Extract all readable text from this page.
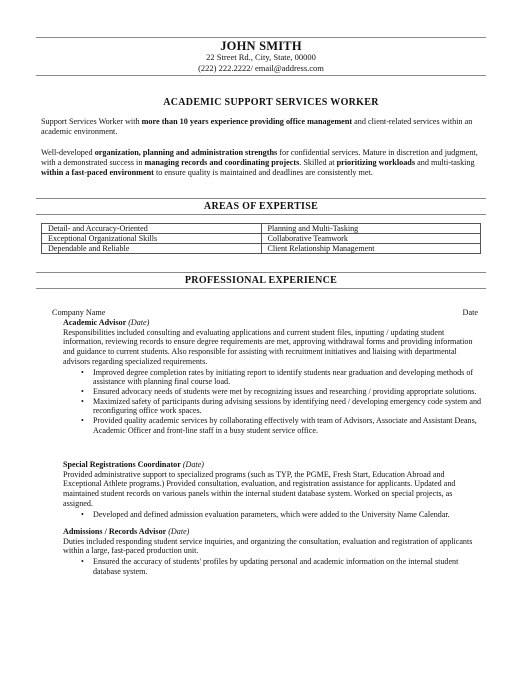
JOHN SMITH
22 Street Rd., City, State, 00000
(222) 222.2222/ email@address.com
ACADEMIC SUPPORT SERVICES WORKER
Support Services Worker with more than 10 years experience providing office management and client-related services within an academic environment.
Well-developed organization, planning and administration strengths for confidential services. Mature in discretion and judgment, with a demonstrated success in managing records and coordinating projects. Skilled at prioritizing workloads and multi-tasking within a fast-paced environment to ensure quality is maintained and deadlines are consistently met.
AREAS OF EXPERTISE
Detail- and Accuracy-Oriented	Planning and Multi-Tasking
Exceptional Organizational Skills	Collaborative Teamwork
Dependable and Reliable	Client Relationship Management
PROFESSIONAL EXPERIENCE
Company Name	Date
Academic Advisor (Date)
Responsibilities included consulting and evaluating applications and current student files, inputting / updating student information, reviewing records to ensure degree requirements are met, approving withdrawal forms and providing information and guidance to current students. Also responsible for assisting with recruitment initiatives and liaising with departmental advisors regarding specialized requirements.
• Improved degree completion rates by initiating report to identify students near graduation and developing methods of assistance with planning final course load.
• Ensured advocacy needs of students were met by recognizing issues and researching / providing appropriate solutions.
• Maximized safety of participants during advising sessions by identifying need / developing emergency code system and reconfiguring office work spaces.
• Provided quality academic services by collaborating effectively with team of Advisors, Associate and Assistant Deans, Academic Officer and front-line staff in a busy student service office.
Special Registrations Coordinator (Date)
Provided administrative support to specialized programs (such as TYP, the PGME, Fresh Start, Education Abroad and Exceptional Athlete programs.) Provided consultation, evaluation, and registration assistance for applicants. Updated and maintained student records on various panels within the internal student database system. Worked on special projects, as assigned.
• Developed and defined admission evaluation parameters, which were added to the University Name Calendar.
Admissions / Records Advisor (Date)
Duties included responding student service inquiries, and organizing the consultation, evaluation and registration of applicants within a large, fast-paced production unit.
• Ensured the accuracy of students' profiles by updating personal and academic information on the internal student database system.
